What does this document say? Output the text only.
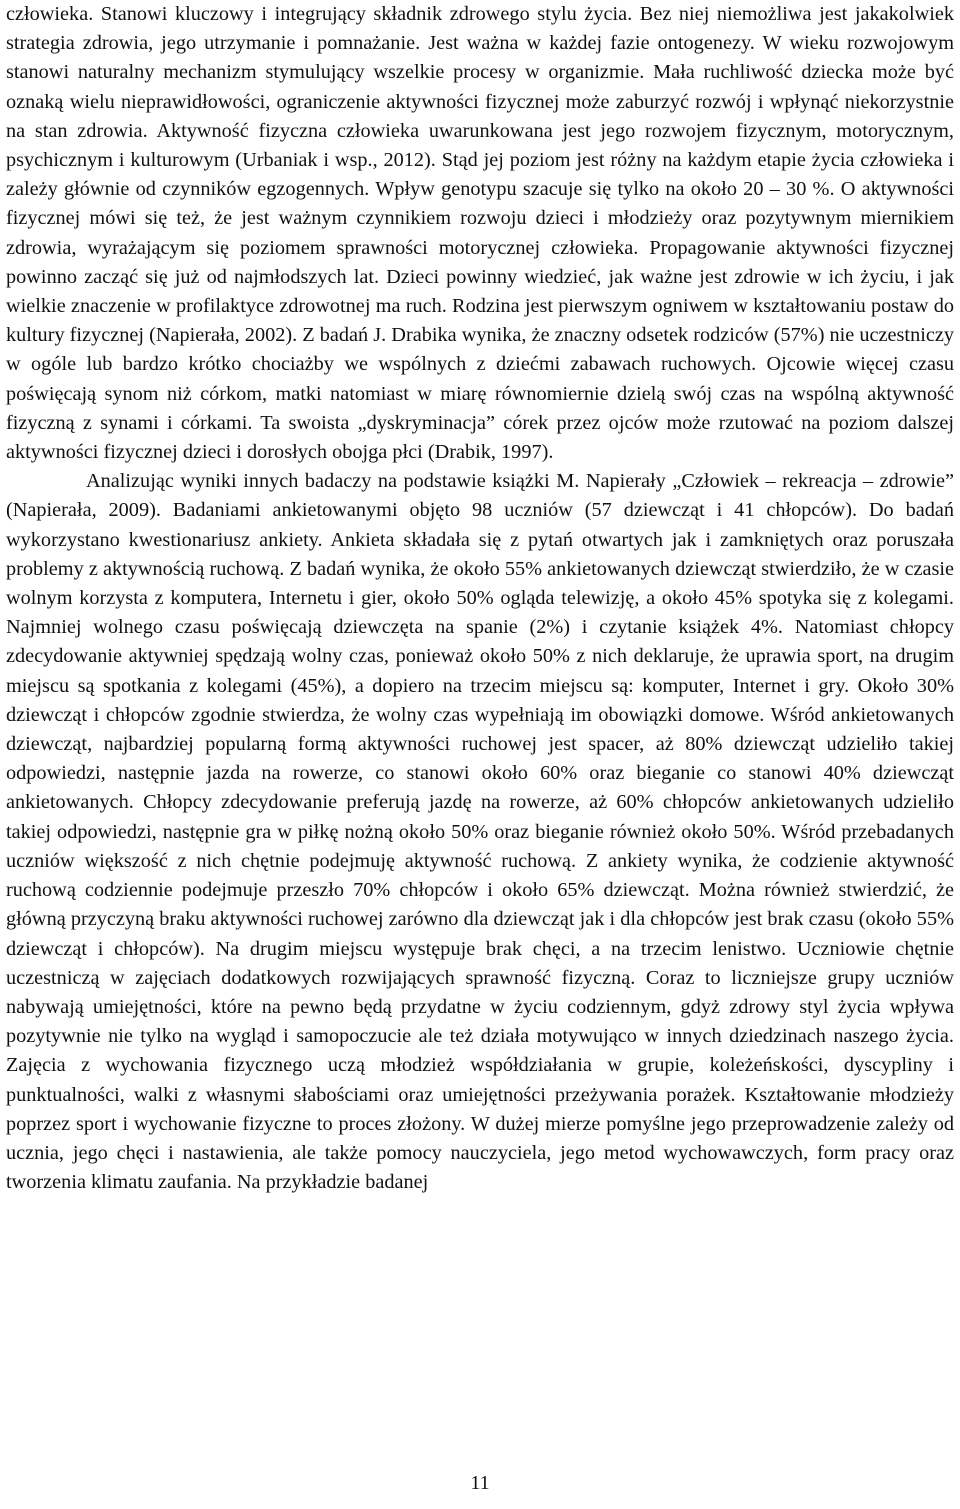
człowieka. Stanowi kluczowy i integrujący składnik zdrowego stylu życia. Bez niej niemożliwa jest jakakolwiek strategia zdrowia, jego utrzymanie i pomnażanie. Jest ważna w każdej fazie ontogenezy. W wieku rozwojowym stanowi naturalny mechanizm stymulujący wszelkie procesy w organizmie. Mała ruchliwość dziecka może być oznaką wielu nieprawidłowości, ograniczenie aktywności fizycznej może zaburzyć rozwój i wpłynąć niekorzystnie na stan zdrowia. Aktywność fizyczna człowieka uwarunkowana jest jego rozwojem fizycznym, motorycznym, psychicznym i kulturowym (Urbaniak i wsp., 2012). Stąd jej poziom jest różny na każdym etapie życia człowieka i zależy głównie od czynników egzogennych. Wpływ genotypu szacuje się tylko na około 20 – 30 %. O aktywności fizycznej mówi się też, że jest ważnym czynnikiem rozwoju dzieci i młodzieży oraz pozytywnym miernikiem zdrowia, wyrażającym się poziomem sprawności motorycznej człowieka. Propagowanie aktywności fizycznej powinno zacząć się już od najmłodszych lat. Dzieci powinny wiedzieć, jak ważne jest zdrowie w ich życiu, i jak wielkie znaczenie w profilaktyce zdrowotnej ma ruch. Rodzina jest pierwszym ogniwem w kształtowaniu postaw do kultury fizycznej (Napierała, 2002). Z badań J. Drabika wynika, że znaczny odsetek rodziców (57%) nie uczestniczy w ogóle lub bardzo krótko chociażby we wspólnych z dziećmi zabawach ruchowych. Ojcowie więcej czasu poświęcają synom niż córkom, matki natomiast w miarę równomiernie dzielą swój czas na wspólną aktywność fizyczną z synami i córkami. Ta swoista „dyskryminacja” córek przez ojców może rzutować na poziom dalszej aktywności fizycznej dzieci i dorosłych obojga płci (Drabik, 1997).

Analizując wyniki innych badaczy na podstawie książki M. Napierały „Człowiek – rekreacja – zdrowie” (Napierała, 2009). Badaniami ankietowanymi objęto 98 uczniów (57 dziewcząt i 41 chłopców). Do badań wykorzystano kwestionariusz ankiety. Ankieta składała się z pytań otwartych jak i zamkniętych oraz poruszała problemy z aktywnością ruchową. Z badań wynika, że około 55% ankietowanych dziewcząt stwierdziło, że w czasie wolnym korzysta z komputera, Internetu i gier, około 50% ogląda telewizję, a około 45% spotyka się z kolegami. Najmniej wolnego czasu poświęcają dziewczęta na spanie (2%) i czytanie książek 4%. Natomiast chłopcy zdecydowanie aktywniej spędzają wolny czas, ponieważ około 50% z nich deklaruje, że uprawia sport, na drugim miejscu są spotkania z kolegami (45%), a dopiero na trzecim miejscu są: komputer, Internet i gry. Około 30% dziewcząt i chłopców zgodnie stwierdza, że wolny czas wypełniają im obowiązki domowe. Wśród ankietowanych dziewcząt, najbardziej popularną formą aktywności ruchowej jest spacer, aż 80% dziewcząt udzieliło takiej odpowiedzi, następnie jazda na rowerze, co stanowi około 60% oraz bieganie co stanowi 40% dziewcząt ankietowanych. Chłopcy zdecydowanie preferują jazdę na rowerze, aż 60% chłopców ankietowanych udzieliło takiej odpowiedzi, następnie gra w piłkę nożną około 50% oraz bieganie również około 50%. Wśród przebadanych uczniów większość z nich chętnie podejmuję aktywność ruchową. Z ankiety wynika, że codzienie aktywność ruchową codziennie podejmuje przeszło 70% chłopców i około 65% dziewcząt. Można również stwierdzić, że główną przyczyną braku aktywności ruchowej zarówno dla dziewcząt jak i dla chłopców jest brak czasu (około 55% dziewcząt i chłopców). Na drugim miejscu występuje brak chęci, a na trzecim lenistwo. Uczniowie chętnie uczestniczą w zajęciach dodatkowych rozwijających sprawność fizyczną. Coraz to liczniejsze grupy uczniów nabywają umiejętności, które na pewno będą przydatne w życiu codziennym, gdyż zdrowy styl życia wpływa pozytywnie nie tylko na wygląd i samopoczucie ale też działa motywująco w innych dziedzinach naszego życia. Zajęcia z wychowania fizycznego uczą młodzież współdziałania w grupie, koleżeńskości, dyscypliny i punktualności, walki z własnymi słabościami oraz umiejętności przeżywania porażek. Kształtowanie młodzieży poprzez sport i wychowanie fizyczne to proces złożony. W dużej mierze pomyślne jego przeprowadzenie zależy od ucznia, jego chęci i nastawienia, ale także pomocy nauczyciela, jego metod wychowawczych, form pracy oraz tworzenia klimatu zaufania. Na przykładzie badanej

11
